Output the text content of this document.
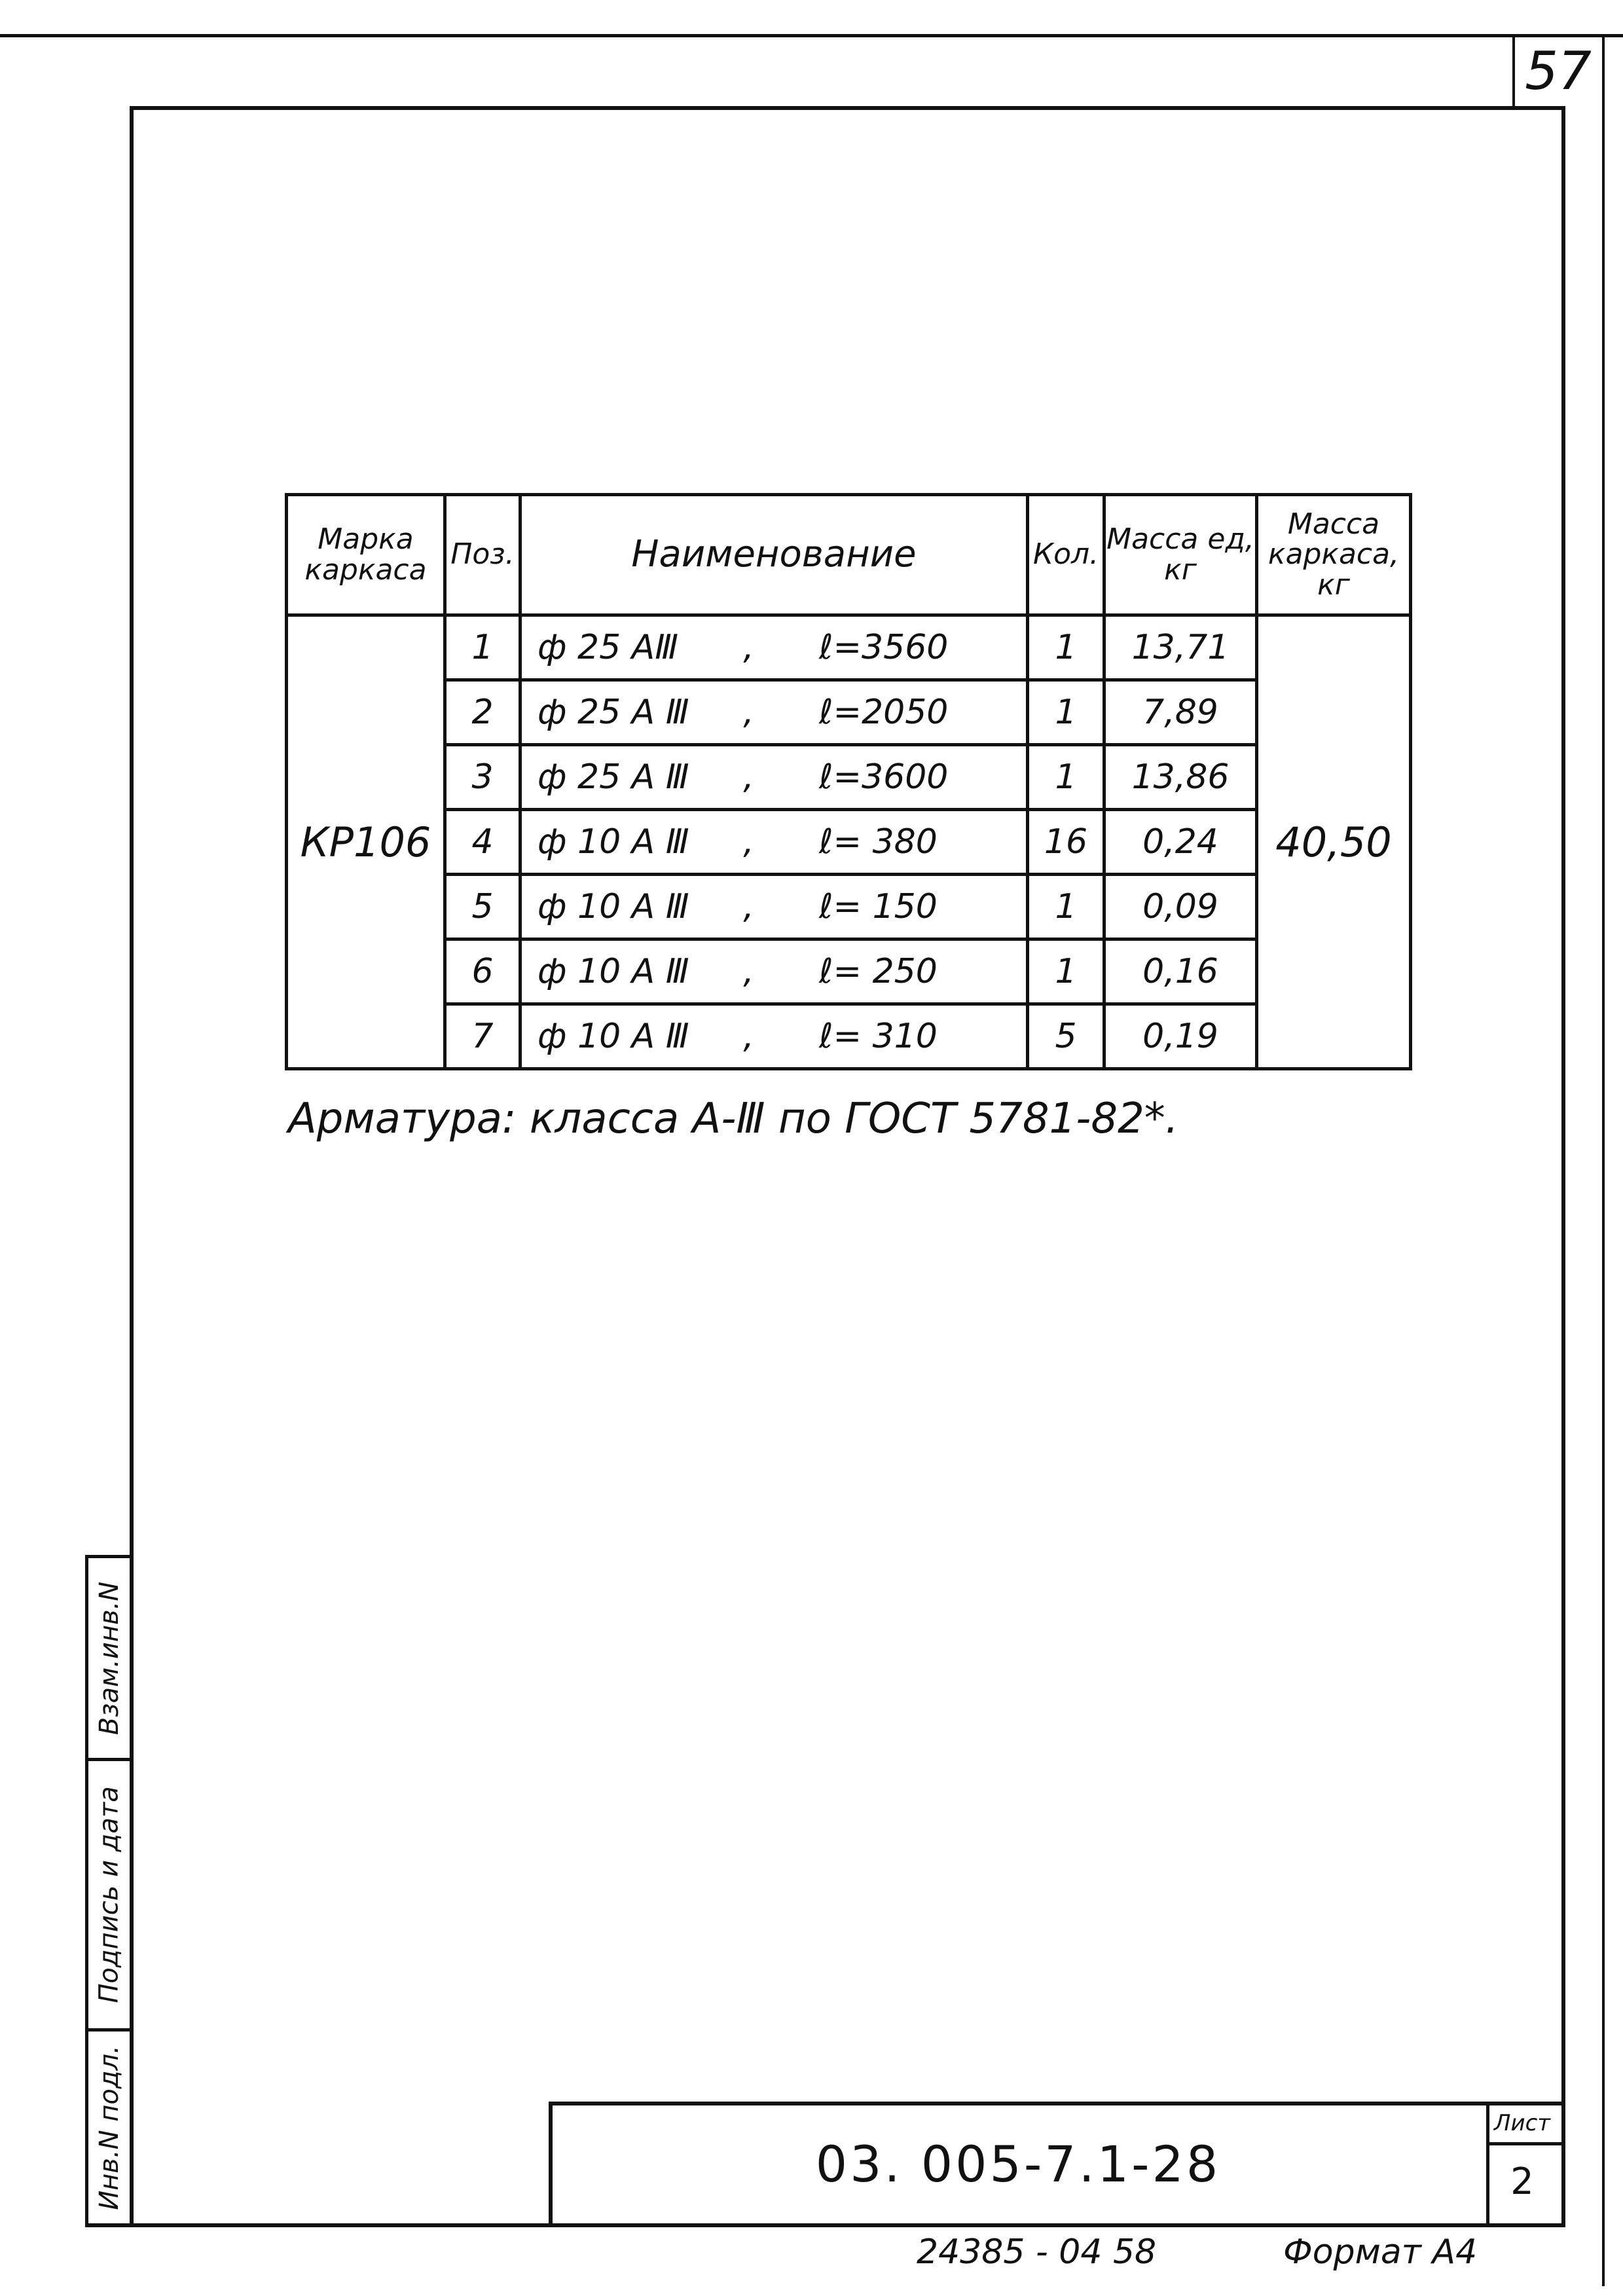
57
Марка каркаса	Поз.	Наименование	Кол.	Масса ед, кг	Масса каркаса, кг
КР106	1	ф 25 АⅢ      ,      ℓ=3560	1	13,71	40,50
	2	ф 25 А Ⅲ     ,      ℓ=2050	1	7,89	
	3	ф 25 А Ⅲ     ,      ℓ=3600	1	13,86	
	4	ф 10 А Ⅲ     ,      ℓ= 380	16	0,24	
	5	ф 10 А Ⅲ     ,      ℓ= 150	1	0,09	
	6	ф 10 А Ⅲ     ,      ℓ= 250	1	0,16	
	7	ф 10 А Ⅲ     ,      ℓ= 310	5	0,19	
Арматура: класса А-Ⅲ по ГОСТ 5781-82*.
Взам.инв.N
Подпись и дата
Инв.N подл.	03. 005-7.1-28
Лист
2
24385 - 04 58	Формат А4
